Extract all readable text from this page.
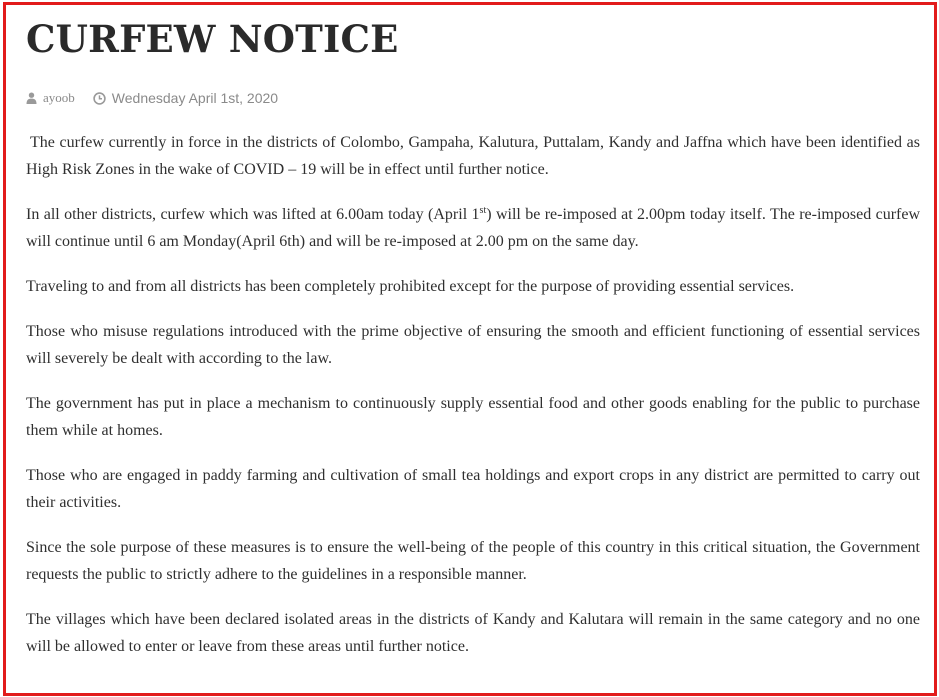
CURFEW NOTICE
ayoob	Wednesday April 1st, 2020

The curfew currently in force in the districts of Colombo, Gampaha, Kalutura, Puttalam, Kandy and Jaffna which have been identified as High Risk Zones in the wake of COVID – 19 will be in effect until further notice.

In all other districts, curfew which was lifted at 6.00am today (April 1st) will be re-imposed at 2.00pm today itself. The re-imposed curfew will continue until 6 am Monday(April 6th) and will be re-imposed at 2.00 pm on the same day.

Traveling to and from all districts has been completely prohibited except for the purpose of providing essential services.

Those who misuse regulations introduced with the prime objective of ensuring the smooth and efficient functioning of essential services will severely be dealt with according to the law.

The government has put in place a mechanism to continuously supply essential food and other goods enabling for the public to purchase them while at homes.

Those who are engaged in paddy farming and cultivation of small tea holdings and export crops in any district are permitted to carry out their activities.

Since the sole purpose of these measures is to ensure the well-being of the people of this country in this critical situation, the Government requests the public to strictly adhere to the guidelines in a responsible manner.

The villages which have been declared isolated areas in the districts of Kandy and Kalutara will remain in the same category and no one will be allowed to enter or leave from these areas until further notice.
